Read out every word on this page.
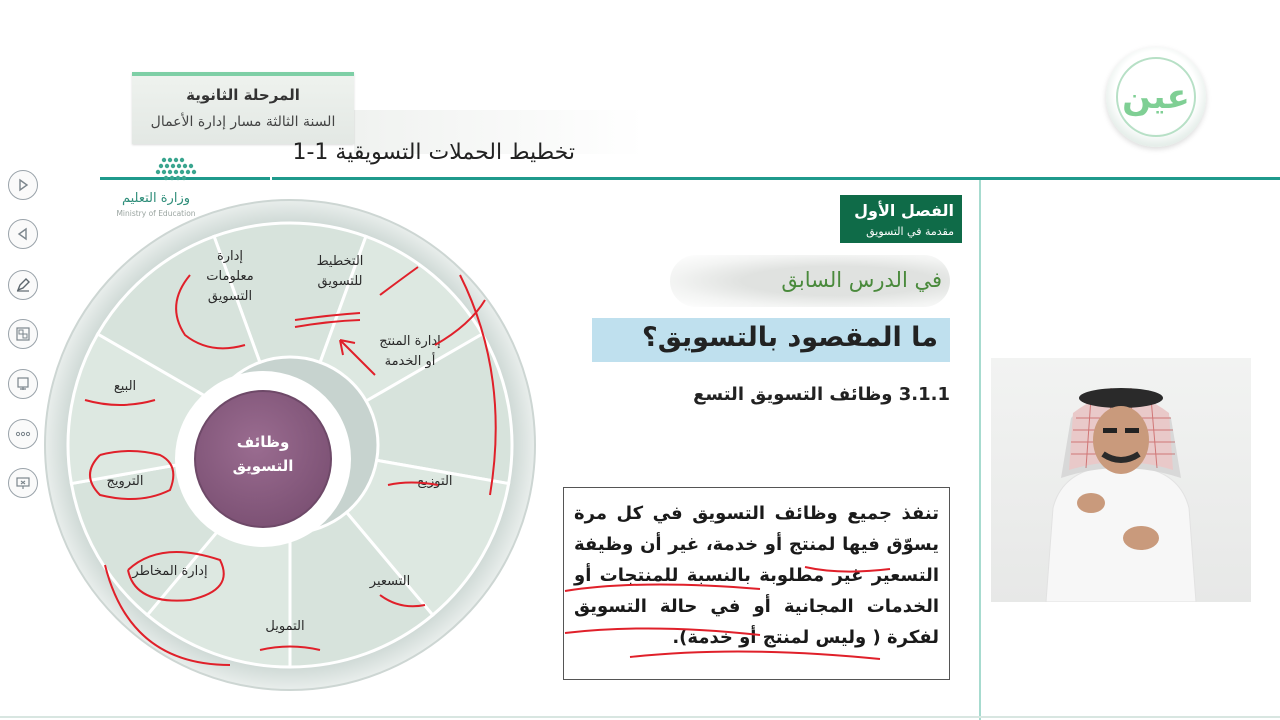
المرحلة الثانوية
السنة الثالثة مسار إدارة الأعمال
تخطيط الحملات التسويقية 1-1
وزارة التعليم
Ministry of Education
عين
الفصل الأول
مقدمة في التسويق
في الدرس السابق
ما المقصود بالتسويق؟
3.1.1 وظائف التسويق التسع
تنفذ جميع وظائف التسويق في كل مرة يسوّق فيها لمنتج أو خدمة، غير أن وظيفة التسعير غير مطلوبة بالنسبة للمنتجات أو الخدمات المجانية أو في حالة التسويق لفكرة ( وليس لمنتج أو خدمة).
وظائف
التسويق
التخطيط
للتسويق
إدارة المنتج
أو الخدمة
التوزيع
التسعير
التمويل
إدارة المخاطر
الترويج
البيع
إدارة
معلومات
التسويق
